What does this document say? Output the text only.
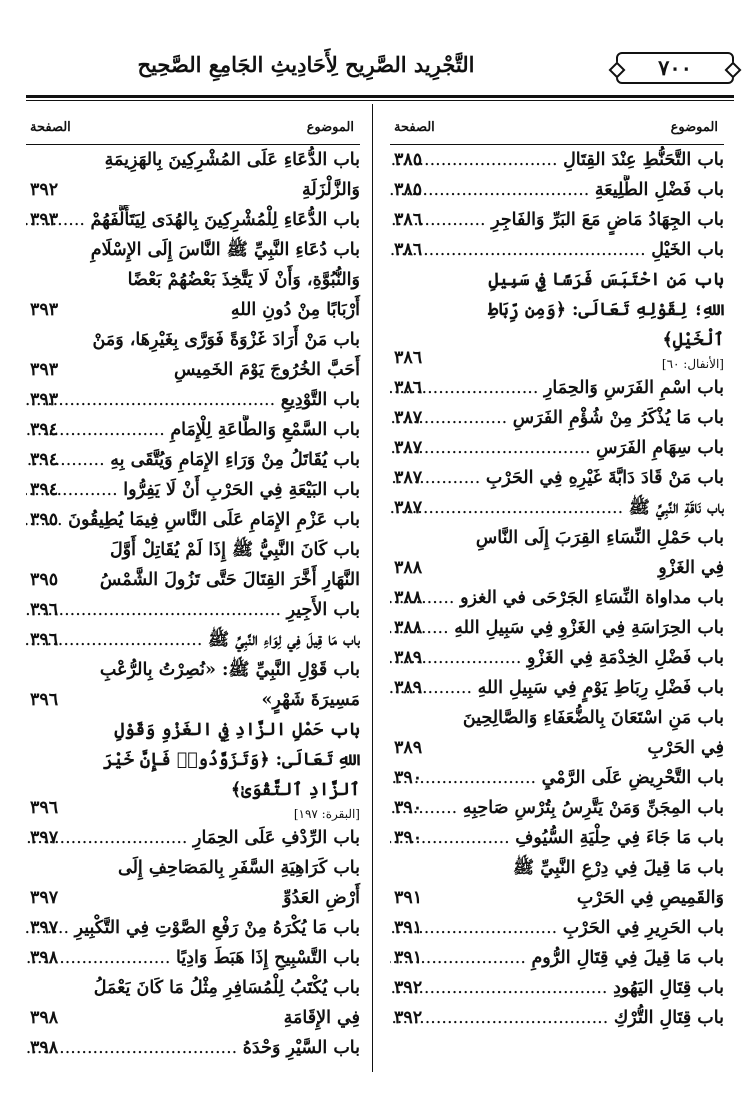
٧٠٠
التَّجْرِيد الصَّرِيح لِأَحَادِيثِ الجَامِعِ الصَّحِيح
الموضوع
الصفحة
باب التَّحَنُّطِ عِنْدَ القِتَالِ .....
٣٨٥
باب فَضْلِ الطَّلِيعَةِ .....
٣٨٥
باب الجِهَادُ مَاضٍ مَعَ البَرِّ وَالفَاجِرِ .....
٣٨٦
باب الخَيْلِ .....
٣٨٦
باب مَنِ احْتَبَسَ فَرَسًا فِي سَبِيلِ اللهِ؛ لِقَوْلِهِ تَعَالَى: ﴿وَمِن رِّبَاطِ ٱلْخَيْلِ﴾
[الأنفال: ٦٠]
٣٨٦
باب اسْمِ الفَرَسِ وَالحِمَارِ .....
٣٨٦
باب مَا يُذْكَرُ مِنْ شُؤْمِ الفَرَسِ .....
٣٨٧
باب سِهَامِ الفَرَسِ .....
٣٨٧
باب مَنْ قَادَ دَابَّةَ غَيْرِهِ فِي الحَرْبِ .....
٣٨٧
باب نَاقَةِ النَّبِيِّ ﷺ .....
٣٨٧
باب حَمْلِ النِّسَاءِ القِرَبَ إِلَى النَّاسِ فِي الغَزْوِ
٣٨٨
باب مداواة النِّسَاءِ الجَرْحَى في الغزو .....
٣٨٨
باب الحِرَاسَةِ فِي الغَزْوِ فِي سَبِيلِ اللهِ .....
٣٨٨
باب فَضْلِ الخِدْمَةِ فِي الغَزْوِ .....
٣٨٩
باب فَضْلِ رِبَاطِ يَوْمٍ فِي سَبِيلِ اللهِ .....
٣٨٩
باب مَنِ اسْتَعَانَ بِالضُّعَفَاءِ وَالصَّالِحِينَ فِي الحَرْبِ
٣٨٩
باب التَّحْرِيضِ عَلَى الرَّمْيِ .....
٣٩٠
باب المِجَنِّ وَمَنْ يَتَّرِسُ بِتُرْسِ صَاحِبِهِ .....
٣٩٠
باب مَا جَاءَ فِي حِلْيَةِ السُّيُوفِ .....
٣٩٠
باب مَا قِيلَ فِي دِرْعِ النَّبِيِّ ﷺ وَالقَمِيصِ فِي الحَرْبِ
٣٩١
باب الحَرِيرِ فِي الحَرْبِ .....
٣٩١
باب مَا قِيلَ فِي قِتَالِ الرُّومِ .....
٣٩١
باب قِتَالِ اليَهُودِ .....
٣٩٢
باب قِتَالِ التُّرْكِ .....
٣٩٢
الموضوع
الصفحة
باب الدُّعَاءِ عَلَى المُشْرِكِينَ بِالهَزِيمَةِ وَالزَّلْزَلَةِ
٣٩٢
باب الدُّعَاءِ لِلْمُشْرِكِينَ بِالهُدَى لِيَتَأَلَّفَهُمْ .....
٣٩٣
باب دُعَاءِ النَّبِيِّ ﷺ النَّاسَ إِلَى الإِسْلَامِ وَالنُّبُوَّةِ، وَأَنْ لَا يَتَّخِذَ بَعْضُهُمْ بَعْضًا أَرْبَابًا مِنْ دُونِ اللهِ
٣٩٣
باب مَنْ أَرَادَ غَزْوَةً فَوَرَّى بِغَيْرِهَا، وَمَنْ أَحَبَّ الخُرُوجَ يَوْمَ الخَمِيسِ
٣٩٣
باب التَّوْدِيعِ .....
٣٩٣
باب السَّمْعِ وَالطَّاعَةِ لِلْإِمَامِ .....
٣٩٤
باب يُقَاتَلُ مِنْ وَرَاءِ الإِمَامِ وَيُتَّقَى بِهِ .....
٣٩٤
باب البَيْعَةِ فِي الحَرْبِ أَنْ لَا يَفِرُّوا .....
٣٩٤
باب عَزْمِ الإِمَامِ عَلَى النَّاسِ فِيمَا يُطِيقُونَ .....
٣٩٥
باب كَانَ النَّبِيُّ ﷺ إِذَا لَمْ يُقَاتِلْ أَوَّلَ النَّهَارِ أَخَّرَ القِتَالَ حَتَّى تَزُولَ الشَّمْسُ
٣٩٥
باب الأَجِيرِ .....
٣٩٦
باب مَا قِيلَ فِي لِوَاءِ النَّبِيِّ ﷺ .....
٣٩٦
باب قَوْلِ النَّبِيِّ ﷺ: «نُصِرْتُ بِالرُّعْبِ مَسِيرَةَ شَهْرٍ»
٣٩٦
باب حَمْلِ الزَّادِ فِي الغَزْوِ وَقَوْلِ اللهِ تَعَالَى: ﴿وَتَزَوَّدُوا۟ فَإِنَّ خَيْرَ ٱلزَّادِ ٱلتَّقْوَىٰ﴾
[البقرة: ١٩٧]
٣٩٦
باب الرِّدْفِ عَلَى الحِمَارِ .....
٣٩٧
باب كَرَاهِيَةِ السَّفَرِ بِالمَصَاحِفِ إِلَى أَرْضِ العَدُوِّ
٣٩٧
باب مَا يُكْرَهُ مِنْ رَفْعِ الصَّوْتِ فِي التَّكْبِيرِ .....
٣٩٧
باب التَّسْبِيحِ إِذَا هَبَطَ وَادِيًا .....
٣٩٨
باب يُكْتَبُ لِلْمُسَافِرِ مِثْلُ مَا كَانَ يَعْمَلُ فِي الإِقَامَةِ
٣٩٨
باب السَّيْرِ وَحْدَهُ .....
٣٩٨
